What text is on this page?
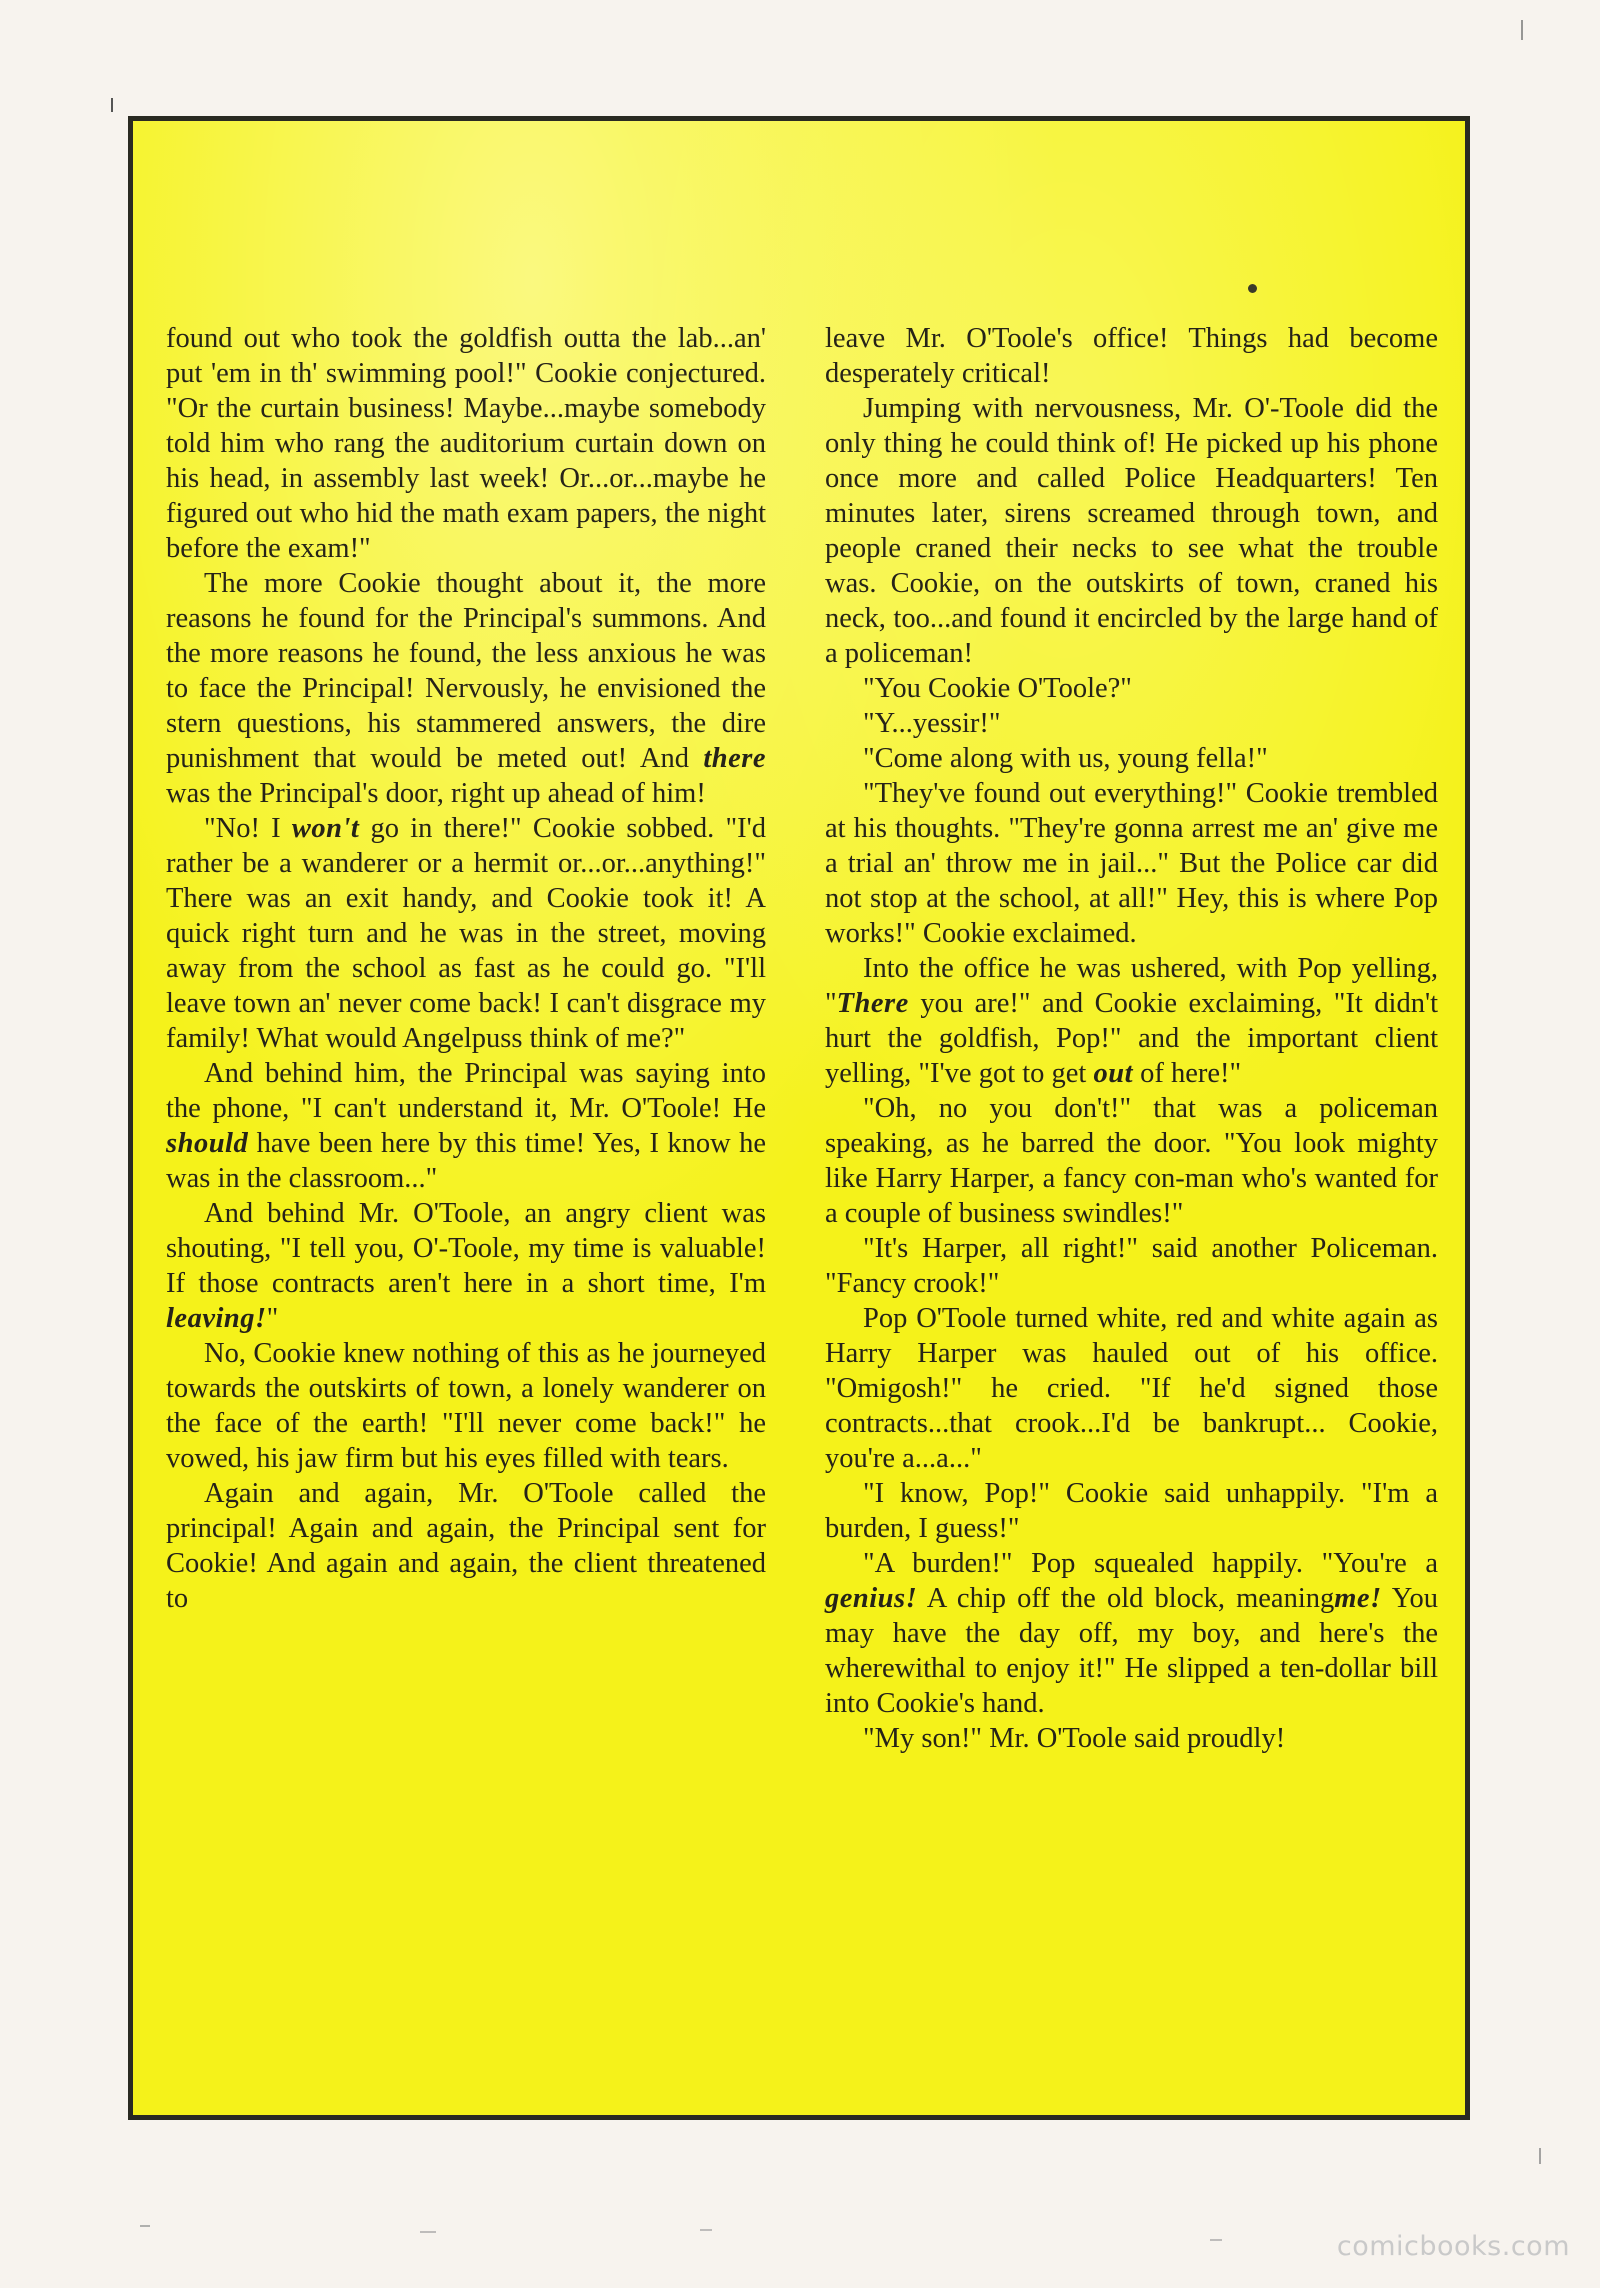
found out who took the goldfish outta the lab...an' put 'em in th' swimming pool!" Cookie conjectured. "Or the curtain business! Maybe...maybe somebody told him who rang the auditorium curtain down on his head, in assembly last week! Or...or...maybe he figured out who hid the math exam papers, the night before the exam!"

The more Cookie thought about it, the more reasons he found for the Principal's summons. And the more reasons he found, the less anxious he was to face the Principal! Nervously, he envisioned the stern questions, his stammered answers, the dire punishment that would be meted out! And there was the Principal's door, right up ahead of him!

"No! I won't go in there!" Cookie sobbed. "I'd rather be a wanderer or a hermit or...or...anything!" There was an exit handy, and Cookie took it! A quick right turn and he was in the street, moving away from the school as fast as he could go. "I'll leave town an' never come back! I can't disgrace my family! What would Angelpuss think of me?"

And behind him, the Principal was saying into the phone, "I can't understand it, Mr. O'Toole! He should have been here by this time! Yes, I know he was in the classroom..."

And behind Mr. O'Toole, an angry client was shouting, "I tell you, O'-Toole, my time is valuable! If those contracts aren't here in a short time, I'm leaving!"

No, Cookie knew nothing of this as he journeyed towards the outskirts of town, a lonely wanderer on the face of the earth! "I'll never come back!" he vowed, his jaw firm but his eyes filled with tears.

Again and again, Mr. O'Toole called the principal! Again and again, the Principal sent for Cookie! And again and again, the client threatened to

leave Mr. O'Toole's office! Things had become desperately critical!

Jumping with nervousness, Mr. O'-Toole did the only thing he could think of! He picked up his phone once more and called Police Headquarters! Ten minutes later, sirens screamed through town, and people craned their necks to see what the trouble was. Cookie, on the outskirts of town, craned his neck, too...and found it encircled by the large hand of a policeman!

"You Cookie O'Toole?"

"Y...yessir!"

"Come along with us, young fella!"

"They've found out everything!" Cookie trembled at his thoughts. "They're gonna arrest me an' give me a trial an' throw me in jail..." But the Police car did not stop at the school, at all!" Hey, this is where Pop works!" Cookie exclaimed.

Into the office he was ushered, with Pop yelling, "There you are!" and Cookie exclaiming, "It didn't hurt the goldfish, Pop!" and the important client yelling, "I've got to get out of here!"

"Oh, no you don't!" that was a policeman speaking, as he barred the door. "You look mighty like Harry Harper, a fancy con-man who's wanted for a couple of business swindles!"

"It's Harper, all right!" said another Policeman. "Fancy crook!"

Pop O'Toole turned white, red and white again as Harry Harper was hauled out of his office. "Omigosh!" he cried. "If he'd signed those contracts...that crook...I'd be bankrupt... Cookie, you're a...a..."

"I know, Pop!" Cookie said unhappily. "I'm a burden, I guess!"

"A burden!" Pop squealed happily. "You're a genius! A chip off the old block, meaningme! You may have the day off, my boy, and here's the wherewithal to enjoy it!" He slipped a ten-dollar bill into Cookie's hand.

"My son!" Mr. O'Toole said proudly!

comicbooks.com
